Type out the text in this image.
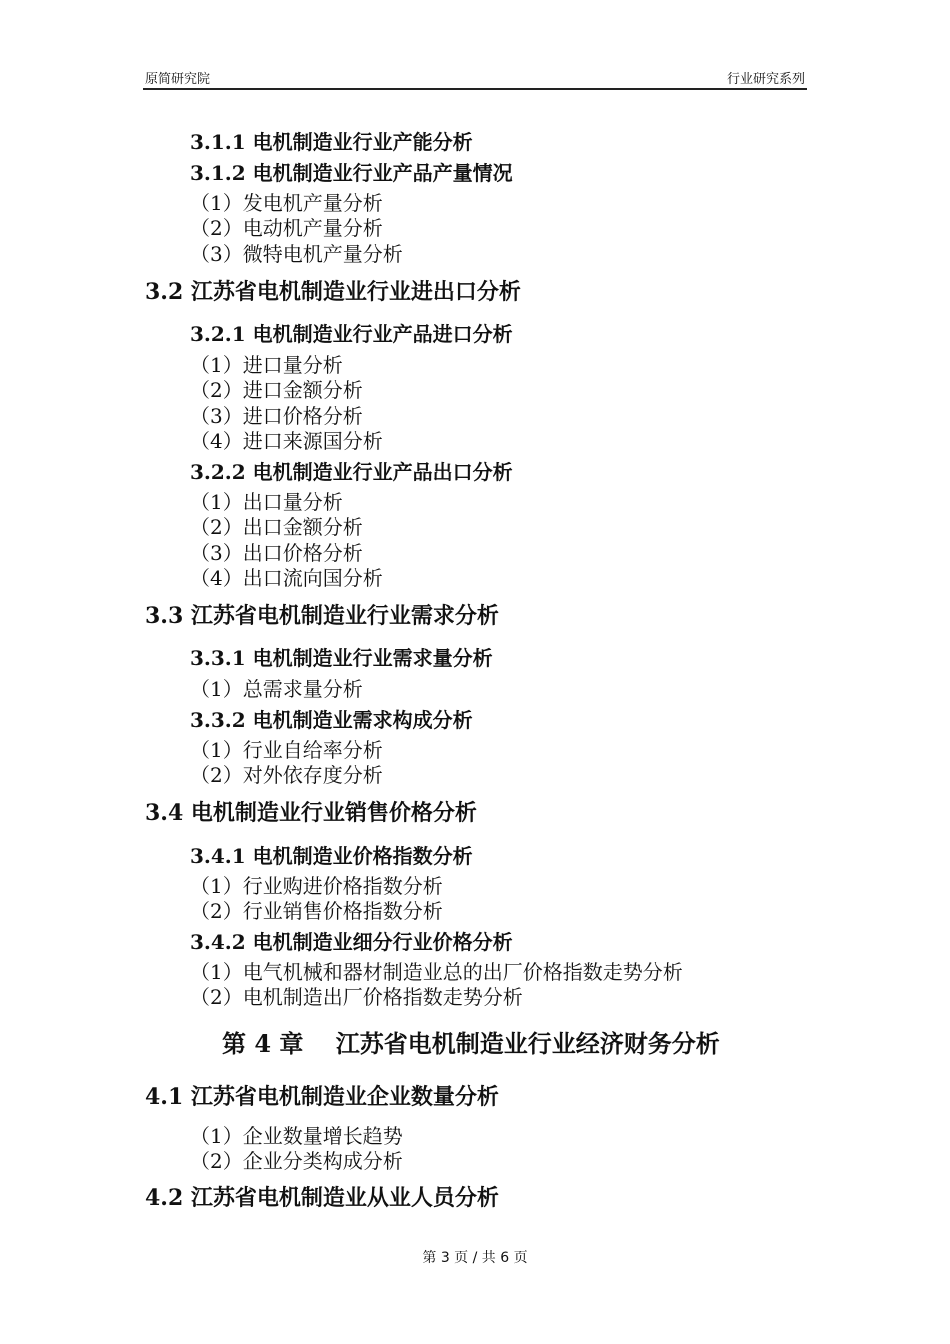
原简研究院	行业研究系列
3.1.1 电机制造业行业产能分析
3.1.2 电机制造业行业产品产量情况
（1）发电机产量分析
（2）电动机产量分析
（3）微特电机产量分析
3.2 江苏省电机制造业行业进出口分析
3.2.1 电机制造业行业产品进口分析
（1）进口量分析
（2）进口金额分析
（3）进口价格分析
（4）进口来源国分析
3.2.2 电机制造业行业产品出口分析
（1）出口量分析
（2）出口金额分析
（3）出口价格分析
（4）出口流向国分析
3.3 江苏省电机制造业行业需求分析
3.3.1 电机制造业行业需求量分析
（1）总需求量分析
3.3.2 电机制造业需求构成分析
（1）行业自给率分析
（2）对外依存度分析
3.4 电机制造业行业销售价格分析
3.4.1 电机制造业价格指数分析
（1）行业购进价格指数分析
（2）行业销售价格指数分析
3.4.2 电机制造业细分行业价格分析
（1）电气机械和器材制造业总的出厂价格指数走势分析
（2）电机制造出厂价格指数走势分析
第 4 章　 江苏省电机制造业行业经济财务分析
4.1 江苏省电机制造业企业数量分析
（1）企业数量增长趋势
（2）企业分类构成分析
4.2 江苏省电机制造业从业人员分析
第 3 页 / 共 6 页
